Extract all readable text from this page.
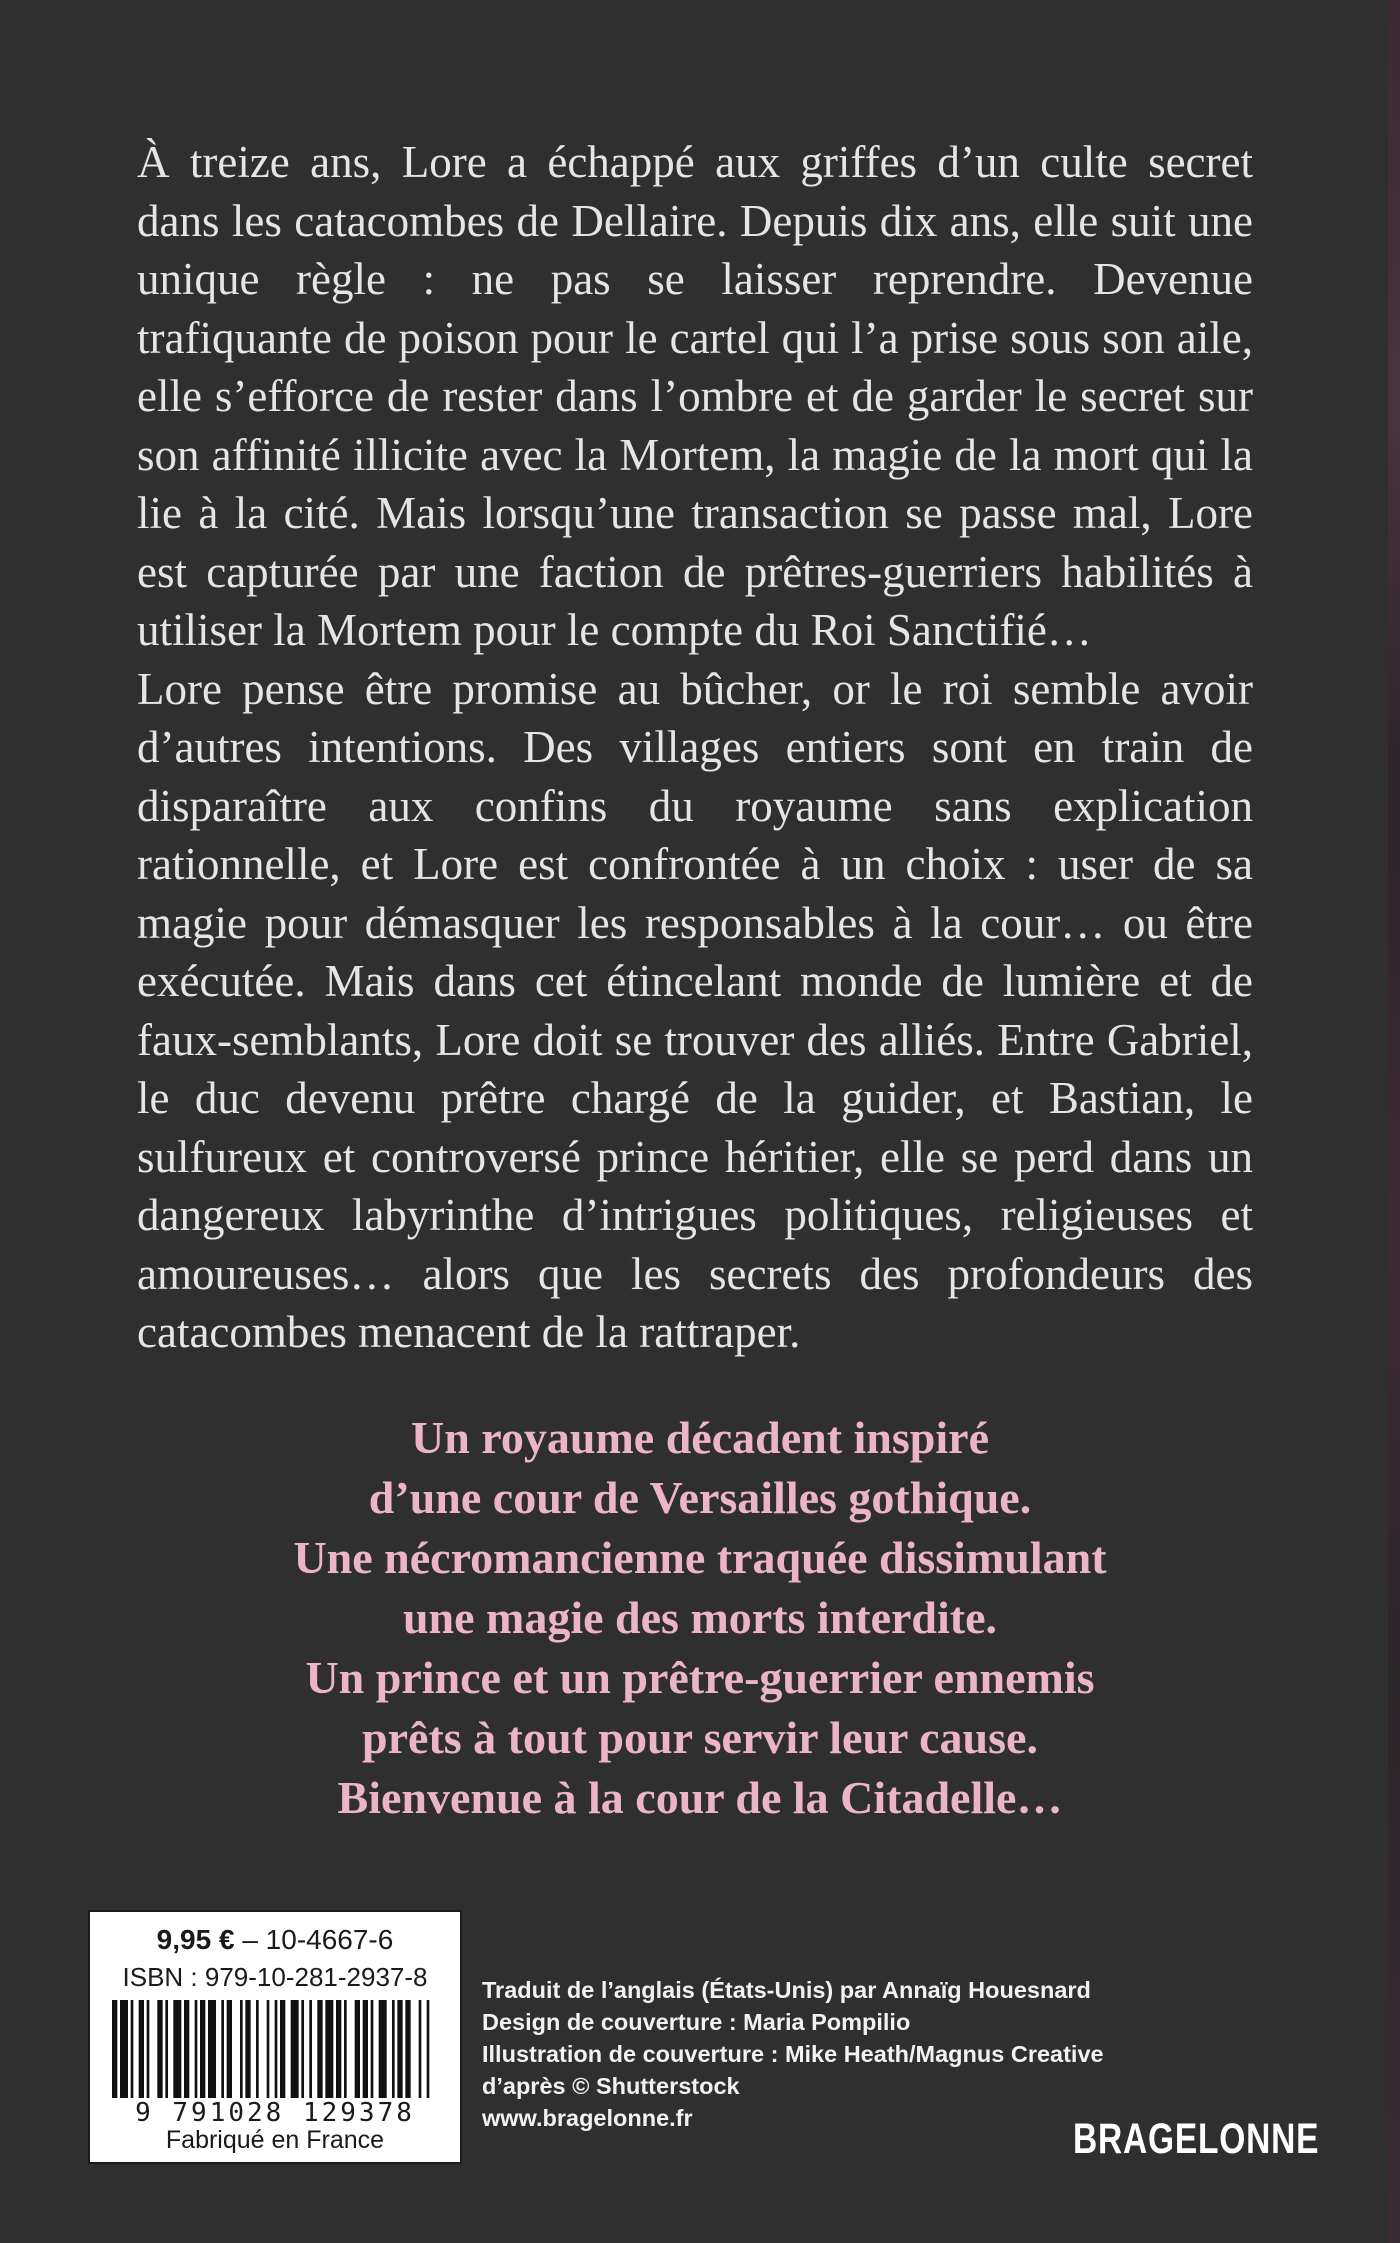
À treize ans, Lore a échappé aux griffes d’un culte secret dans les catacombes de Dellaire. Depuis dix ans, elle suit une unique règle : ne pas se laisser reprendre. Devenue trafiquante de poison pour le cartel qui l’a prise sous son aile, elle s’efforce de rester dans l’ombre et de garder le secret sur son affinité illicite avec la Mortem, la magie de la mort qui la lie à la cité. Mais lorsqu’une transaction se passe mal, Lore est capturée par une faction de prêtres-guerriers habilités à utiliser la Mortem pour le compte du Roi Sanctifié…

Lore pense être promise au bûcher, or le roi semble avoir d’autres intentions. Des villages entiers sont en train de disparaître aux confins du royaume sans explication rationnelle, et Lore est confrontée à un choix : user de sa magie pour démasquer les responsables à la cour… ou être exécutée. Mais dans cet étincelant monde de lumière et de faux-semblants, Lore doit se trouver des alliés. Entre Gabriel, le duc devenu prêtre chargé de la guider, et Bastian, le sulfureux et controversé prince héritier, elle se perd dans un dangereux labyrinthe d’intrigues politiques, religieuses et amoureuses… alors que les secrets des profondeurs des catacombes menacent de la rattraper.

Un royaume décadent inspiré
d’une cour de Versailles gothique.
Une nécromancienne traquée dissimulant
une magie des morts interdite.
Un prince et un prêtre-guerrier ennemis
prêts à tout pour servir leur cause.
Bienvenue à la cour de la Citadelle…
9,95 € – 10-4667-6
ISBN : 979-10-281-2937-8
9 791028 129378
Fabriqué en France
Traduit de l’anglais (États-Unis) par Annaïg Houesnard
Design de couverture : Maria Pompilio
Illustration de couverture : Mike Heath/Magnus Creative
d’après © Shutterstock
www.bragelonne.fr	BRAGELONNE
